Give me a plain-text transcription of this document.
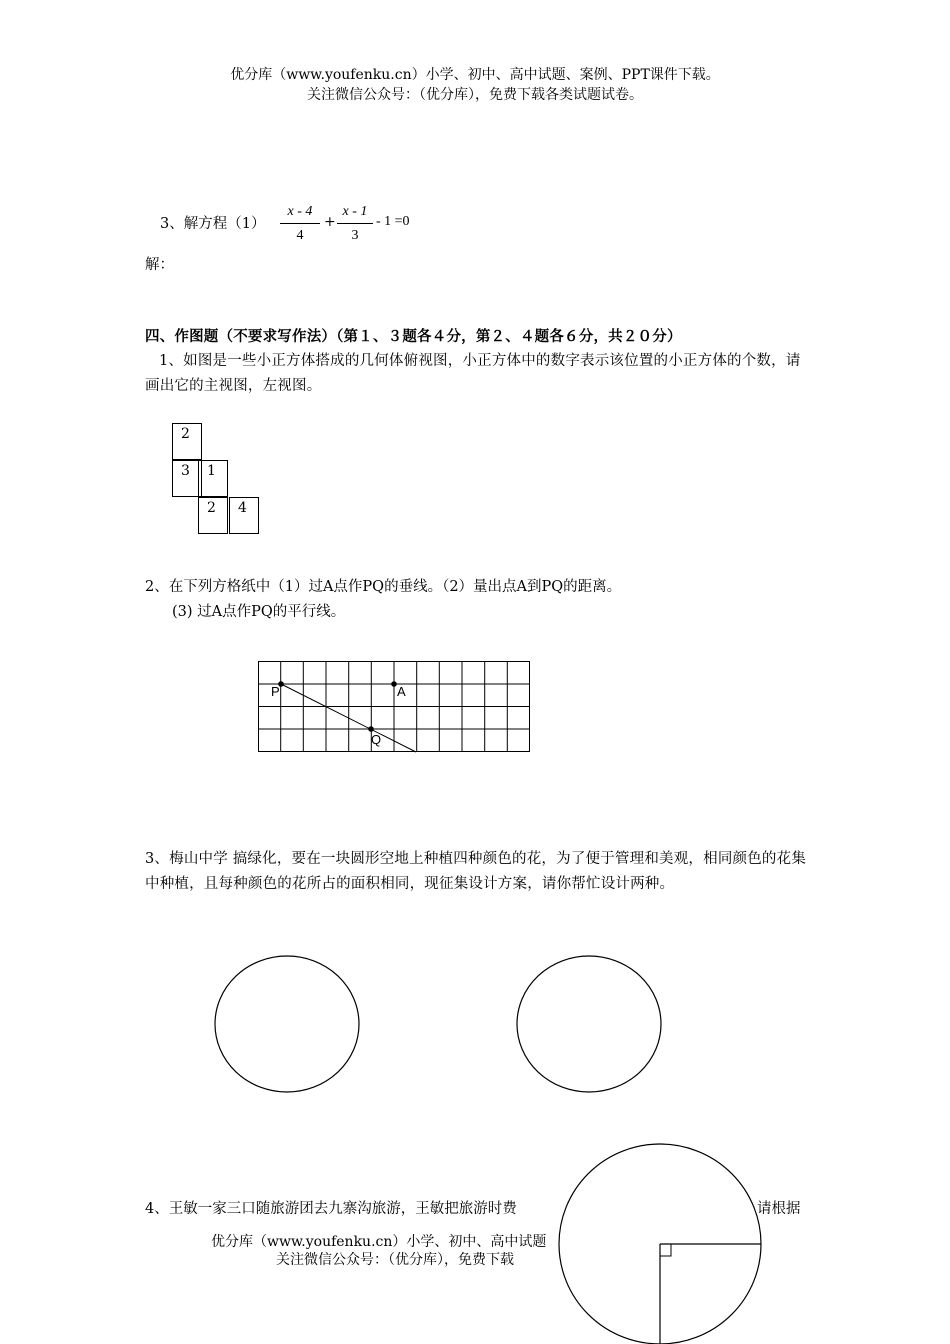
优分库（www.youfenku.cn）小学、初中、高中试题、案例、PPT课件下载。
关注微信公众号：（优分库），免费下载各类试题试卷。
3、解方程（1）
x - 4
4
+
x - 1
3
- 1 =0
解：
四、作图题（不要求写作法）（第１、３题各４分，第２、４题各６分，共２０分）
1、如图是一些小正方体搭成的几何体俯视图，小正方体中的数字表示该位置的小正方体的个数，请画出它的主视图，左视图。
2
3 1
2 4
2、在下列方格纸中（1）过A点作PQ的垂线。（2）量出点A到PQ的距离。
(3) 过A点作PQ的平行线。
P	A
Q
3、梅山中学 搞绿化，要在一块圆形空地上种植四种颜色的花，为了便于管理和美观，相同颜色的花集中种植，且每种颜色的花所占的面积相同，现征集设计方案，请你帮忙设计两种。
4、王敏一家三口随旅游团去九寨沟旅游，王敏把旅游时费	请根据
优分库（www.youfenku.cn）小学、初中、高中试题
关注微信公众号：（优分库），免费下载
